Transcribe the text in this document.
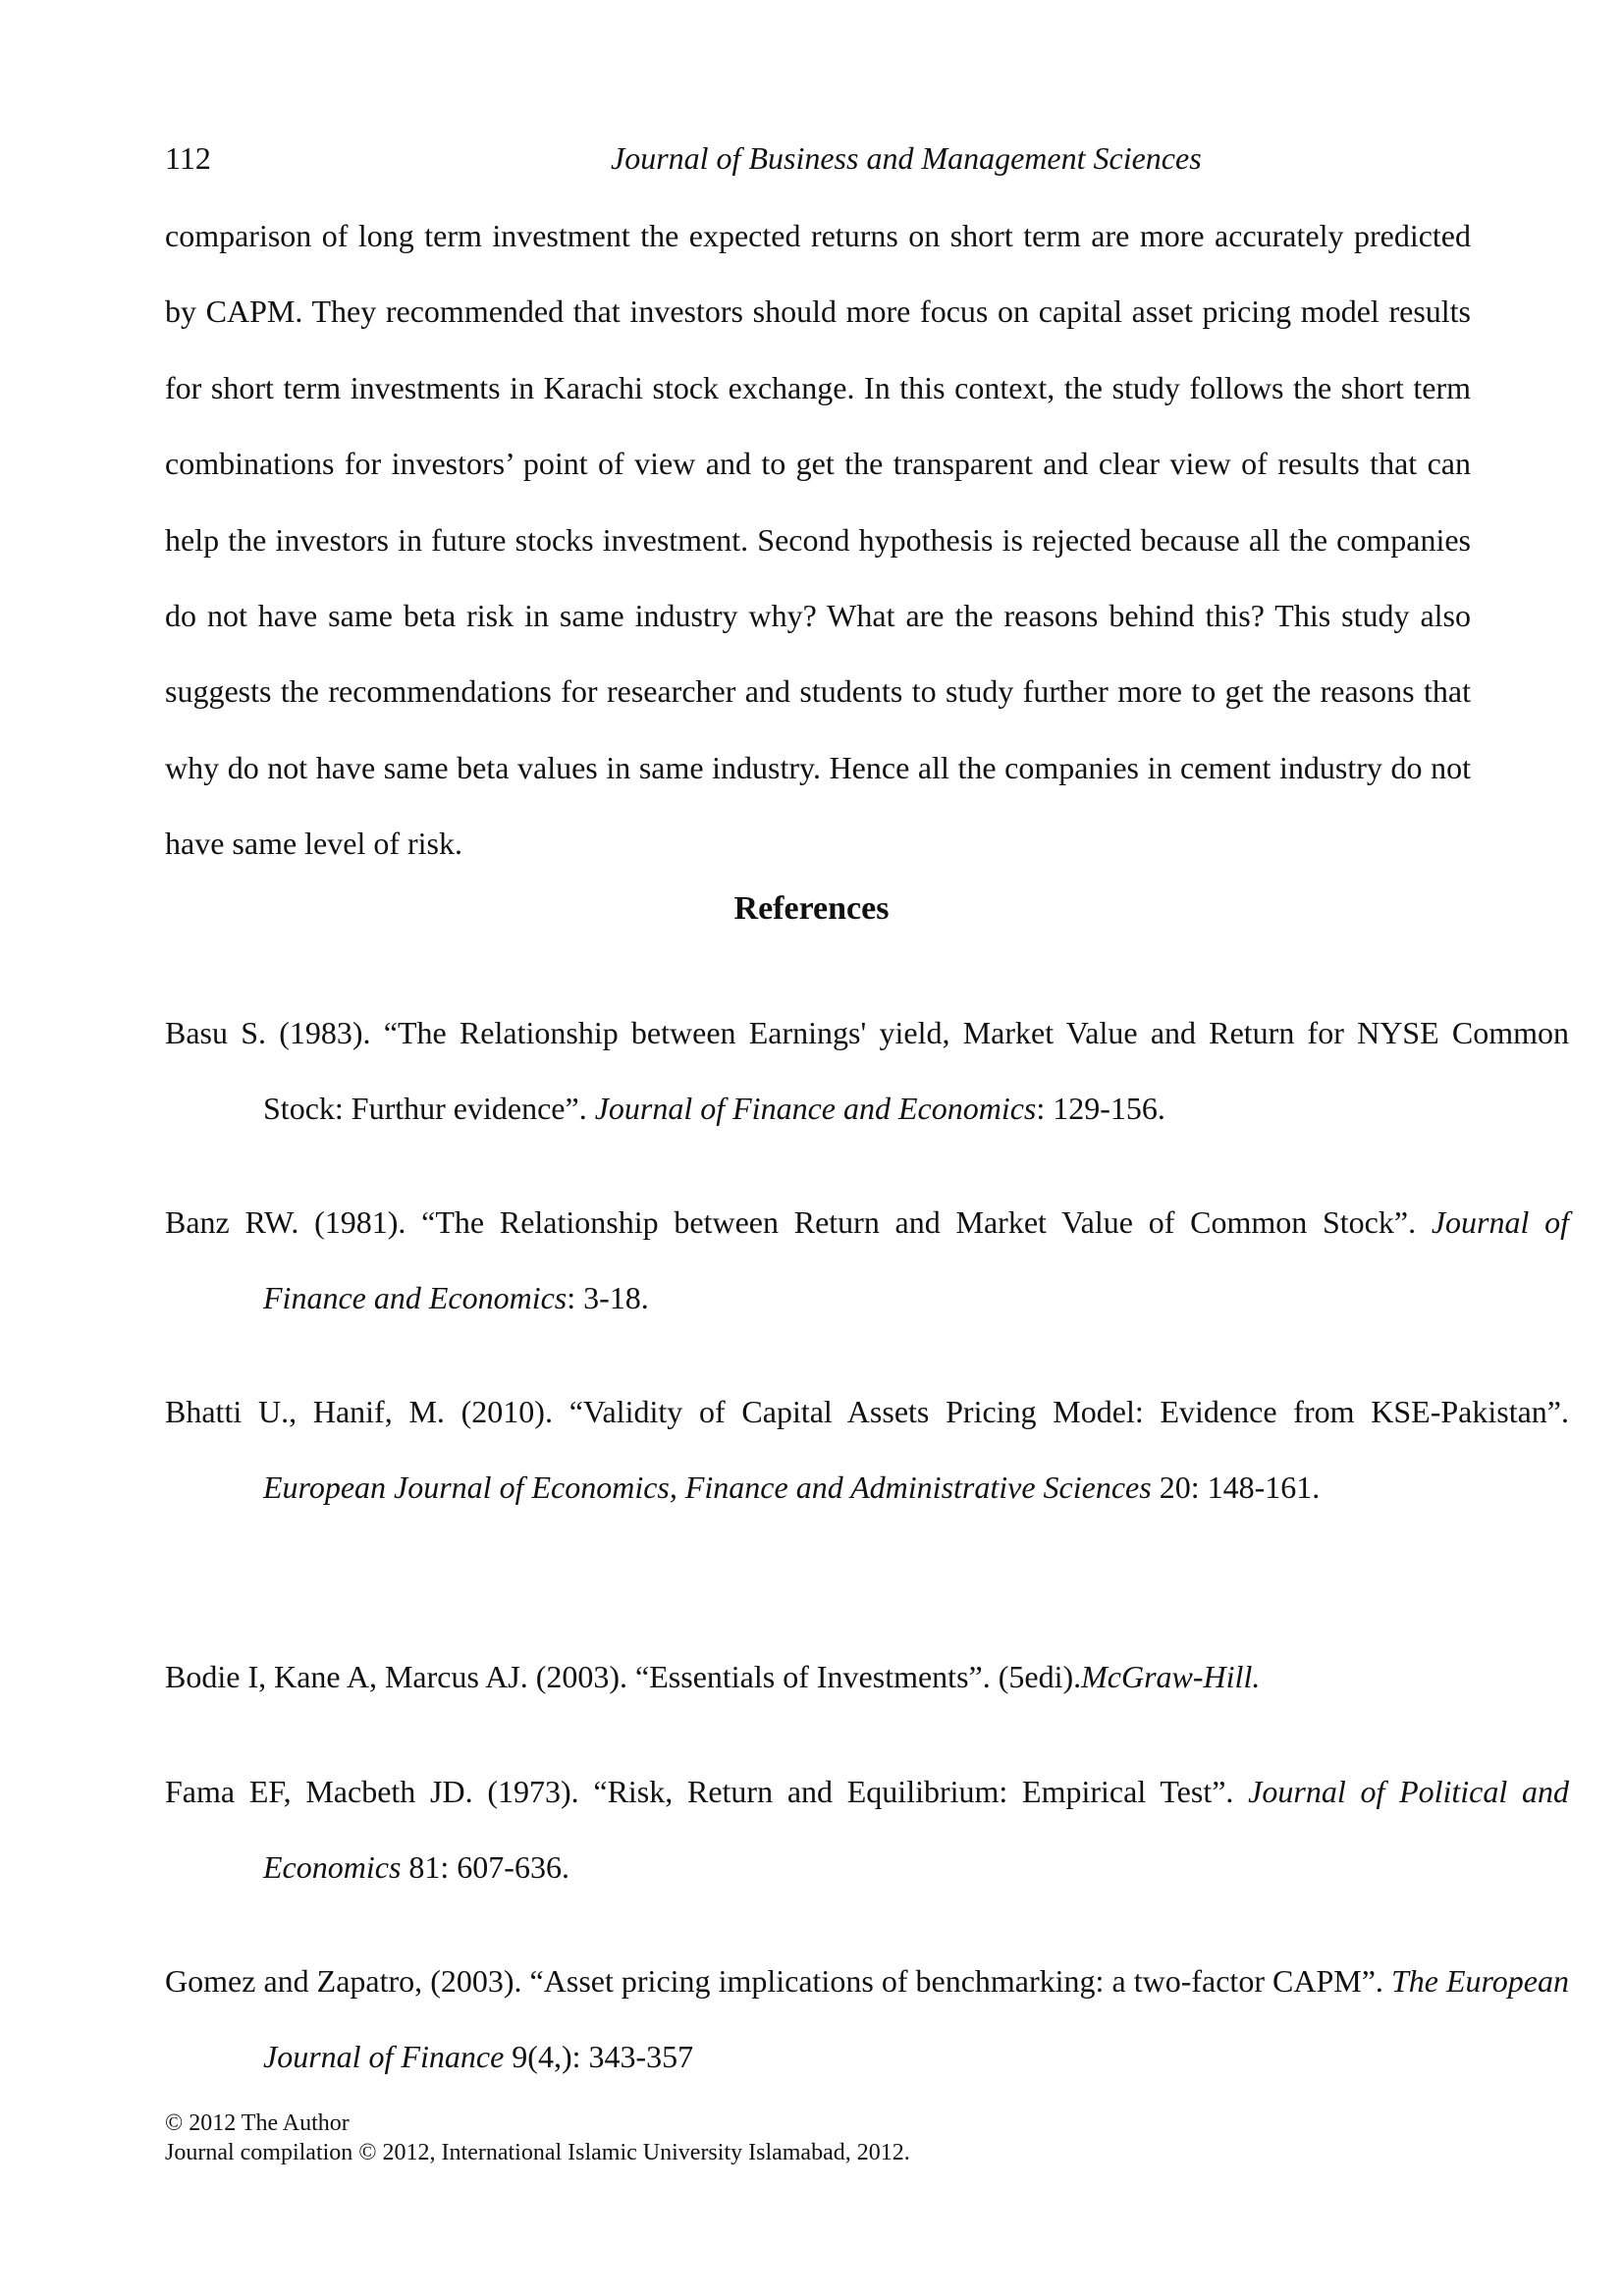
112	Journal of Business and Management Sciences

comparison of long term investment the expected returns on short term are more accurately predicted by CAPM. They recommended that investors should more focus on capital asset pricing model results for short term investments in Karachi stock exchange. In this context, the study follows the short term combinations for investors’ point of view and to get the transparent and clear view of results that can help the investors in future stocks investment. Second hypothesis is rejected because all the companies do not have same beta risk in same industry why? What are the reasons behind this? This study also suggests the recommendations for researcher and students to study further more to get the reasons that why do not have same beta values in same industry. Hence all the companies in cement industry do not have same level of risk.

References

Basu S. (1983). “The Relationship between Earnings' yield, Market Value and Return for NYSE Common Stock: Furthur evidence”. Journal of Finance and Economics: 129-156.

Banz RW. (1981). “The Relationship between Return and Market Value of Common Stock”. Journal of Finance and Economics: 3-18.

Bhatti U., Hanif, M. (2010). “Validity of Capital Assets Pricing Model: Evidence from KSE-Pakistan”. European Journal of Economics, Finance and Administrative Sciences 20: 148-161.

Bodie I, Kane A, Marcus AJ. (2003). “Essentials of Investments”. (5edi).McGraw-Hill.

Fama EF, Macbeth JD. (1973). “Risk, Return and Equilibrium: Empirical Test”. Journal of Political and Economics 81: 607-636.

Gomez and Zapatro, (2003). “Asset pricing implications of benchmarking: a two-factor CAPM”. The European Journal of Finance 9(4,): 343-357

© 2012 The Author
Journal compilation © 2012, International Islamic University Islamabad, 2012.
